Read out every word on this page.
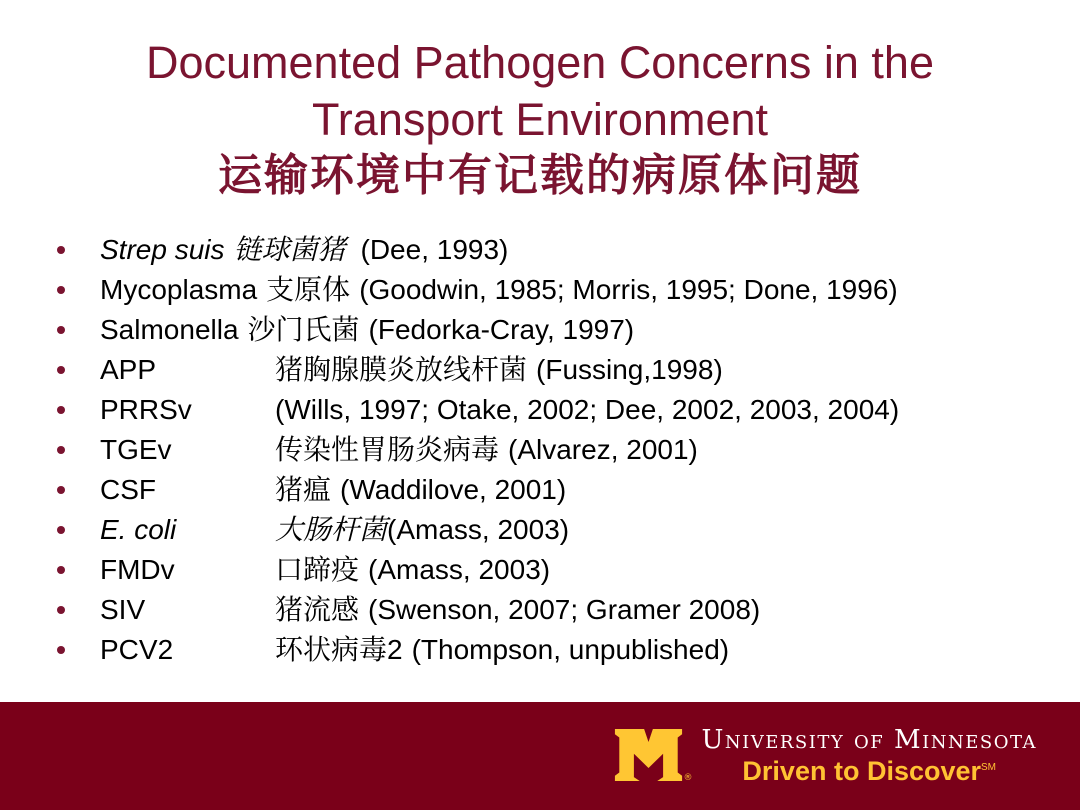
Documented Pathogen Concerns in the
Transport Environment
运输环境中有记载的病原体问题
Strep suis 链球菌猪 (Dee, 1993)
Mycoplasma 支原体 (Goodwin, 1985; Morris, 1995; Done, 1996)
Salmonella 沙门氏菌 (Fedorka-Cray, 1997)
APP	猪胸腺膜炎放线杆菌 (Fussing,1998)
PRRSv	(Wills, 1997; Otake, 2002; Dee, 2002, 2003, 2004)
TGEv	传染性胃肠炎病毒 (Alvarez, 2001)
CSF	猪瘟 (Waddilove, 2001)
E. coli	大肠杆菌(Amass, 2003)
FMDv	口蹄疫 (Amass, 2003)
SIV	猪流感 (Swenson, 2007; Gramer 2008)
PCV2	环状病毒2 (Thompson, unpublished)
®
University of Minnesota
Driven to Discover℠
